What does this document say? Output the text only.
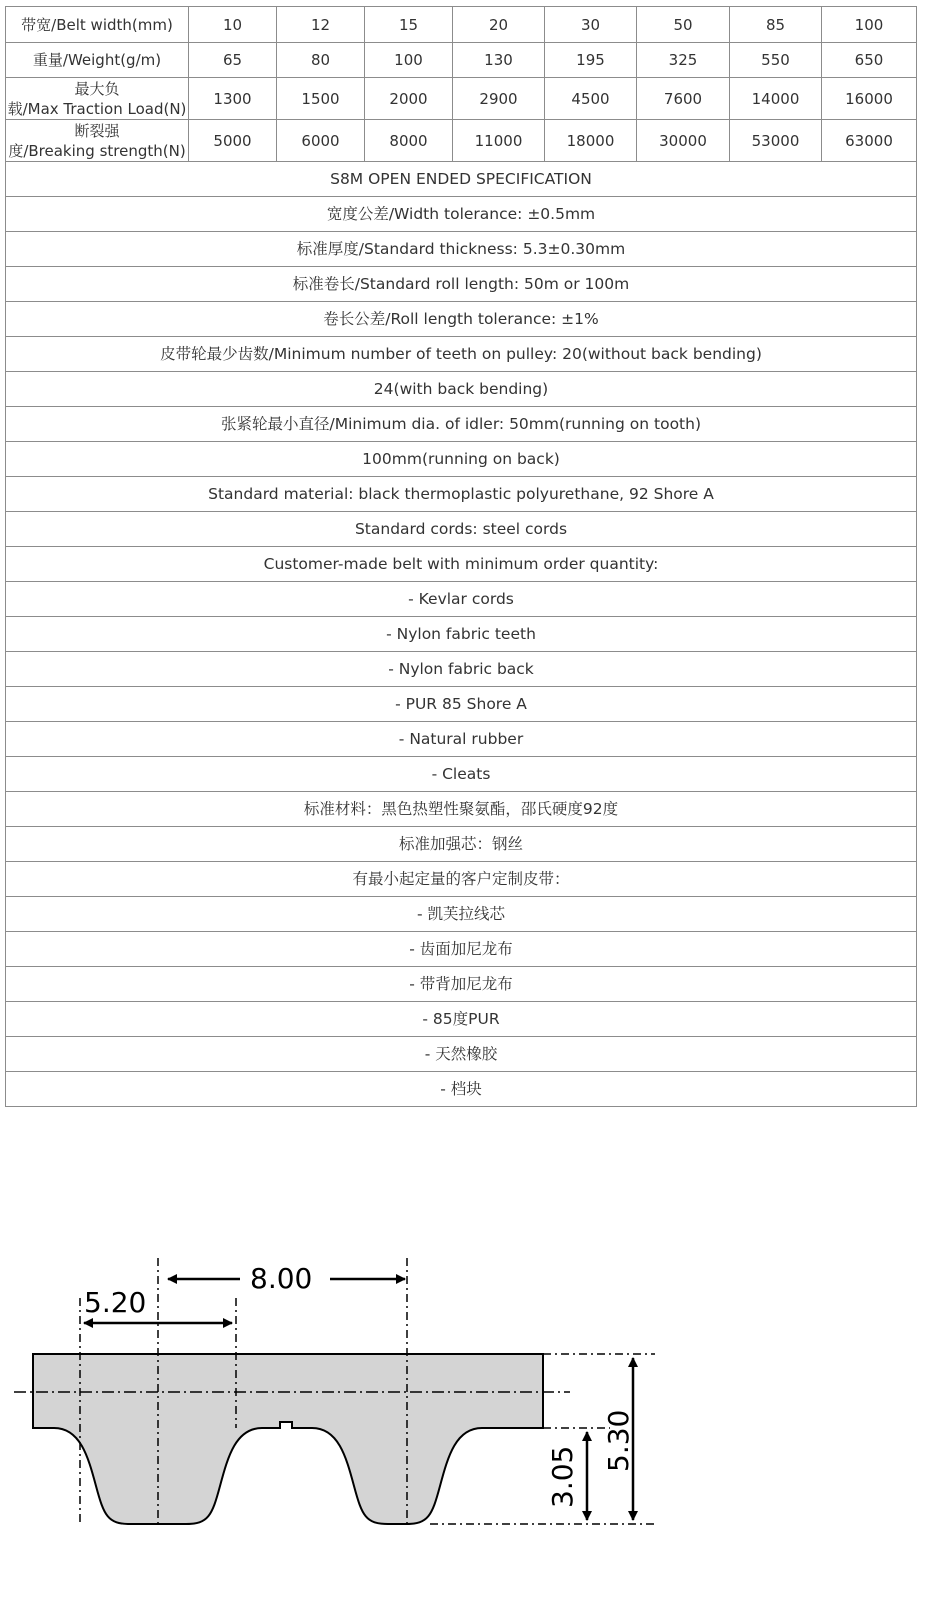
带宽/Belt width(mm)	10	12	15	20	30	50	85	100
重量/Weight(g/m)	65	80	100	130	195	325	550	650

最大负
载/Max Traction Load(N)	1300	1500	2000	2900	4500	7600	14000	16000

断裂强
度/Breaking strength(N)	5000	6000	8000	11000	18000	30000	53000	63000
S8M OPEN ENDED SPECIFICATION								
宽度公差/Width tolerance: ±0.5mm								
标准厚度/Standard thickness: 5.3±0.30mm								
标准卷长/Standard roll length: 50m or 100m								
卷长公差/Roll length tolerance: ±1%								
皮带轮最少齿数/Minimum number of teeth on pulley: 20(without back bending)								
24(with back bending)								
张紧轮最小直径/Minimum dia. of idler: 50mm(running on tooth)								
100mm(running on back)								
Standard material: black thermoplastic polyurethane, 92 Shore A								
Standard cords: steel cords								
Customer-made belt with minimum order quantity:								
- Kevlar cords								
- Nylon fabric teeth								
- Nylon fabric back								
- PUR 85 Shore A								
- Natural rubber								
- Cleats								
标准材料：黑色热塑性聚氨酯，邵氏硬度92度								
标准加强芯：钢丝								
有最小起定量的客户定制皮带：								
- 凯芙拉线芯								
- 齿面加尼龙布								
- 带背加尼龙布								
- 85度PUR								
- 天然橡胶								
- 档块								
8.00
5.20
5.30
3.05
